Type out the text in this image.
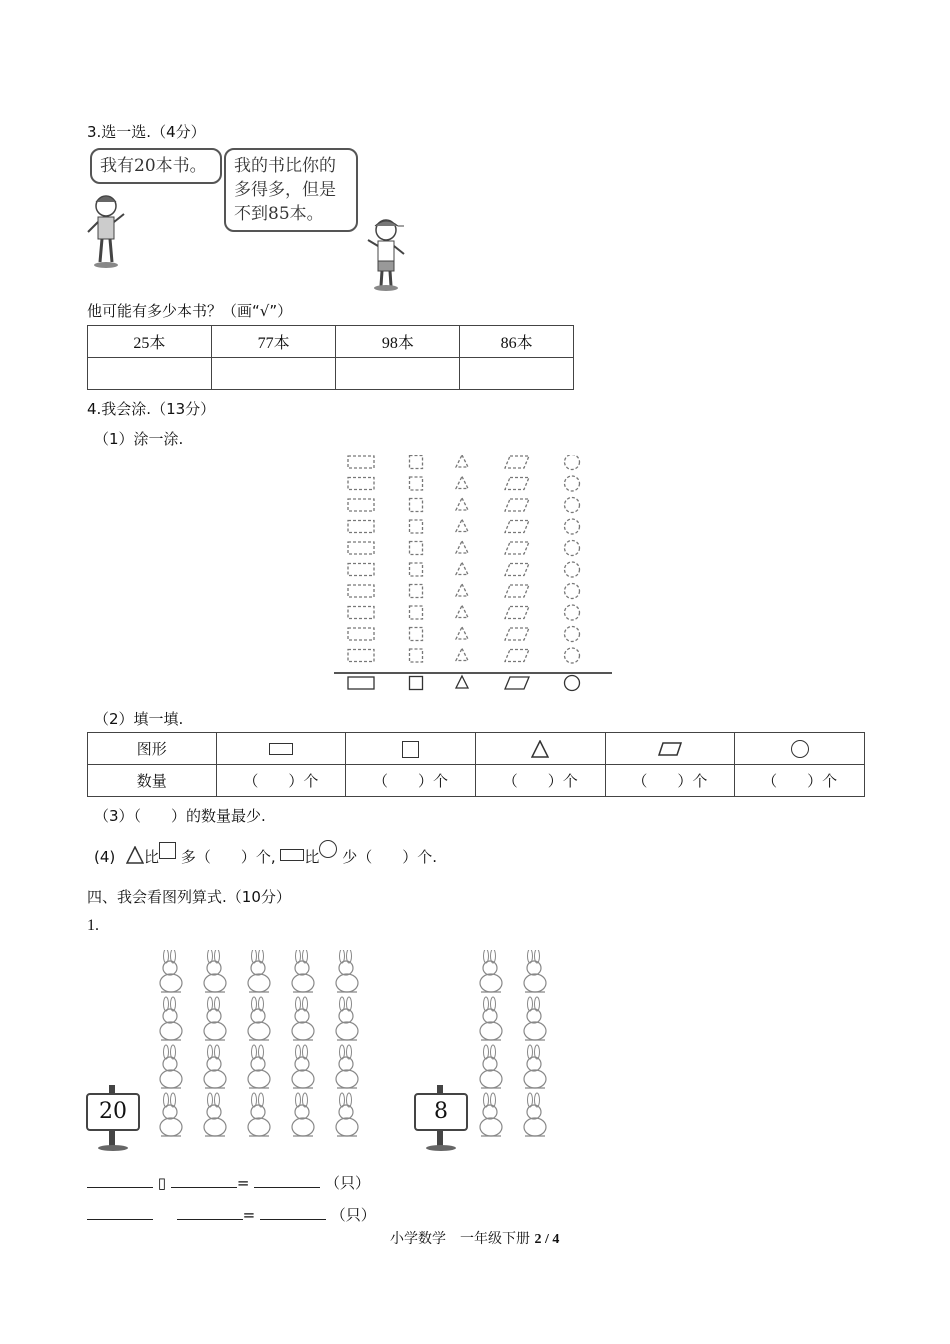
3.选一选.（4分）
我有20本书。	我的书比你的
多得多，但是
不到85本。
他可能有多少本书？（画“√”）
25本	77本	98本	86本

4.我会涂.（13分）
（1）涂一涂.
（2）填一填.
图形					
数量	（　　）个	（　　）个	（　　）个	（　　）个	（　　）个
（3）（　　）的数量最少.
(4) 比 多（　　）个, 比 少（　　）个.
四、我会看图列算式.（10分）
1.
20	8
▯	=	（只）
=	（只）
小学数学　一年级下册 2 / 4
